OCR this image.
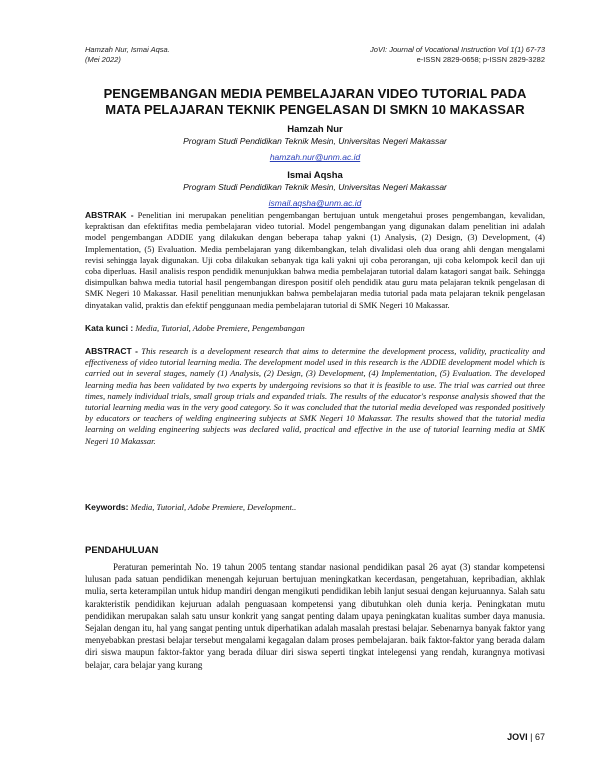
Hamzah Nur, Ismai Aqsa.
(Mei 2022)
JoVI: Journal of Vocational Instruction Vol 1(1) 67-73
e-ISSN 2829-0658; p-ISSN 2829-3282
PENGEMBANGAN MEDIA PEMBELAJARAN VIDEO TUTORIAL PADA
MATA PELAJARAN TEKNIK PENGELASAN DI SMKN 10 MAKASSAR
Hamzah Nur
Program Studi Pendidikan Teknik Mesin, Universitas Negeri Makassar
hamzah.nur@unm.ac.id
Ismai Aqsha
Program Studi Pendidikan Teknik Mesin, Universitas Negeri Makassar
ismail.aqsha@unm.ac.id
ABSTRAK - Penelitian ini merupakan penelitian pengembangan bertujuan untuk mengetahui proses pengembangan, kevalidan, kepraktisan dan efektifitas media pembelajaran video tutorial. Model pengembangan yang digunakan dalam penelitian ini adalah model pengembangan ADDIE yang dilakukan dengan beberapa tahap yakni (1) Analysis, (2) Design, (3) Development, (4) Implementation, (5) Evaluation. Media pembelajaran yang dikembangkan, telah divalidasi oleh dua orang ahli dengan mengalami revisi sehingga layak digunakan. Uji coba dilakukan sebanyak tiga kali yakni uji coba perorangan, uji coba kelompok kecil dan uji coba diperluas. Hasil analisis respon pendidik menunjukkan bahwa media pembelajaran tutorial dalam katagori sangat baik. Sehingga disimpulkan bahwa media tutorial hasil pengembangan direspon positif oleh pendidik atau guru mata pelajaran teknik pengelasan di SMK Negeri 10 Makassar. Hasil penelitian menunjukkan bahwa pembelajaran media tutorial pada mata pelajaran teknik pengelasan dinyatakan valid, praktis dan efektif penggunaan media pembelajaran tutorial di SMK Negeri 10 Makassar.
Kata kunci : Media, Tutorial, Adobe Premiere, Pengembangan
ABSTRACT - This research is a development research that aims to determine the development process, validity, practicality and effectiveness of video tutorial learning media. The development model used in this research is the ADDIE development model which is carried out in several stages, namely (1) Analysis, (2) Design, (3) Development, (4) Implementation, (5) Evaluation. The developed learning media has been validated by two experts by undergoing revisions so that it is feasible to use. The trial was carried out three times, namely individual trials, small group trials and expanded trials. The results of the educator's response analysis showed that the tutorial learning media was in the very good category. So it was concluded that the tutorial media developed was responded positively by educators or teachers of welding engineering subjects at SMK Negeri 10 Makassar. The results showed that the tutorial media learning on welding engineering subjects was declared valid, practical and effective in the use of tutorial learning media at SMK Negeri 10 Makassar.
Keywords: Media, Tutorial, Adobe Premiere, Development..
PENDAHULUAN
Peraturan pemerintah No. 19 tahun 2005 tentang standar nasional pendidikan pasal 26 ayat (3) standar kompetensi lulusan pada satuan pendidikan menengah kejuruan bertujuan meningkatkan kecerdasan, pengetahuan, kepribadian, akhlak mulia, serta keterampilan untuk hidup mandiri dengan mengikuti pendidikan lebih lanjut sesuai dengan kejuruannya. Salah satu karakteristik pendidikan kejuruan adalah penguasaan kompetensi yang dibutuhkan oleh dunia kerja. Peningkatan mutu pendidikan merupakan salah satu unsur konkrit yang sangat penting dalam upaya peningkatan kualitas sumber daya manusia. Sejalan dengan itu, hal yang sangat penting untuk diperhatikan adalah masalah prestasi belajar. Sebenarnya banyak faktor yang menyebabkan prestasi belajar tersebut mengalami kegagalan dalam proses pembelajaran. baik faktor-faktor yang berada dalam diri siswa maupun faktor-faktor yang berada diluar diri siswa seperti tingkat intelegensi yang rendah, kurangnya motivasi belajar, cara belajar yang kurang
JOVI | 67
